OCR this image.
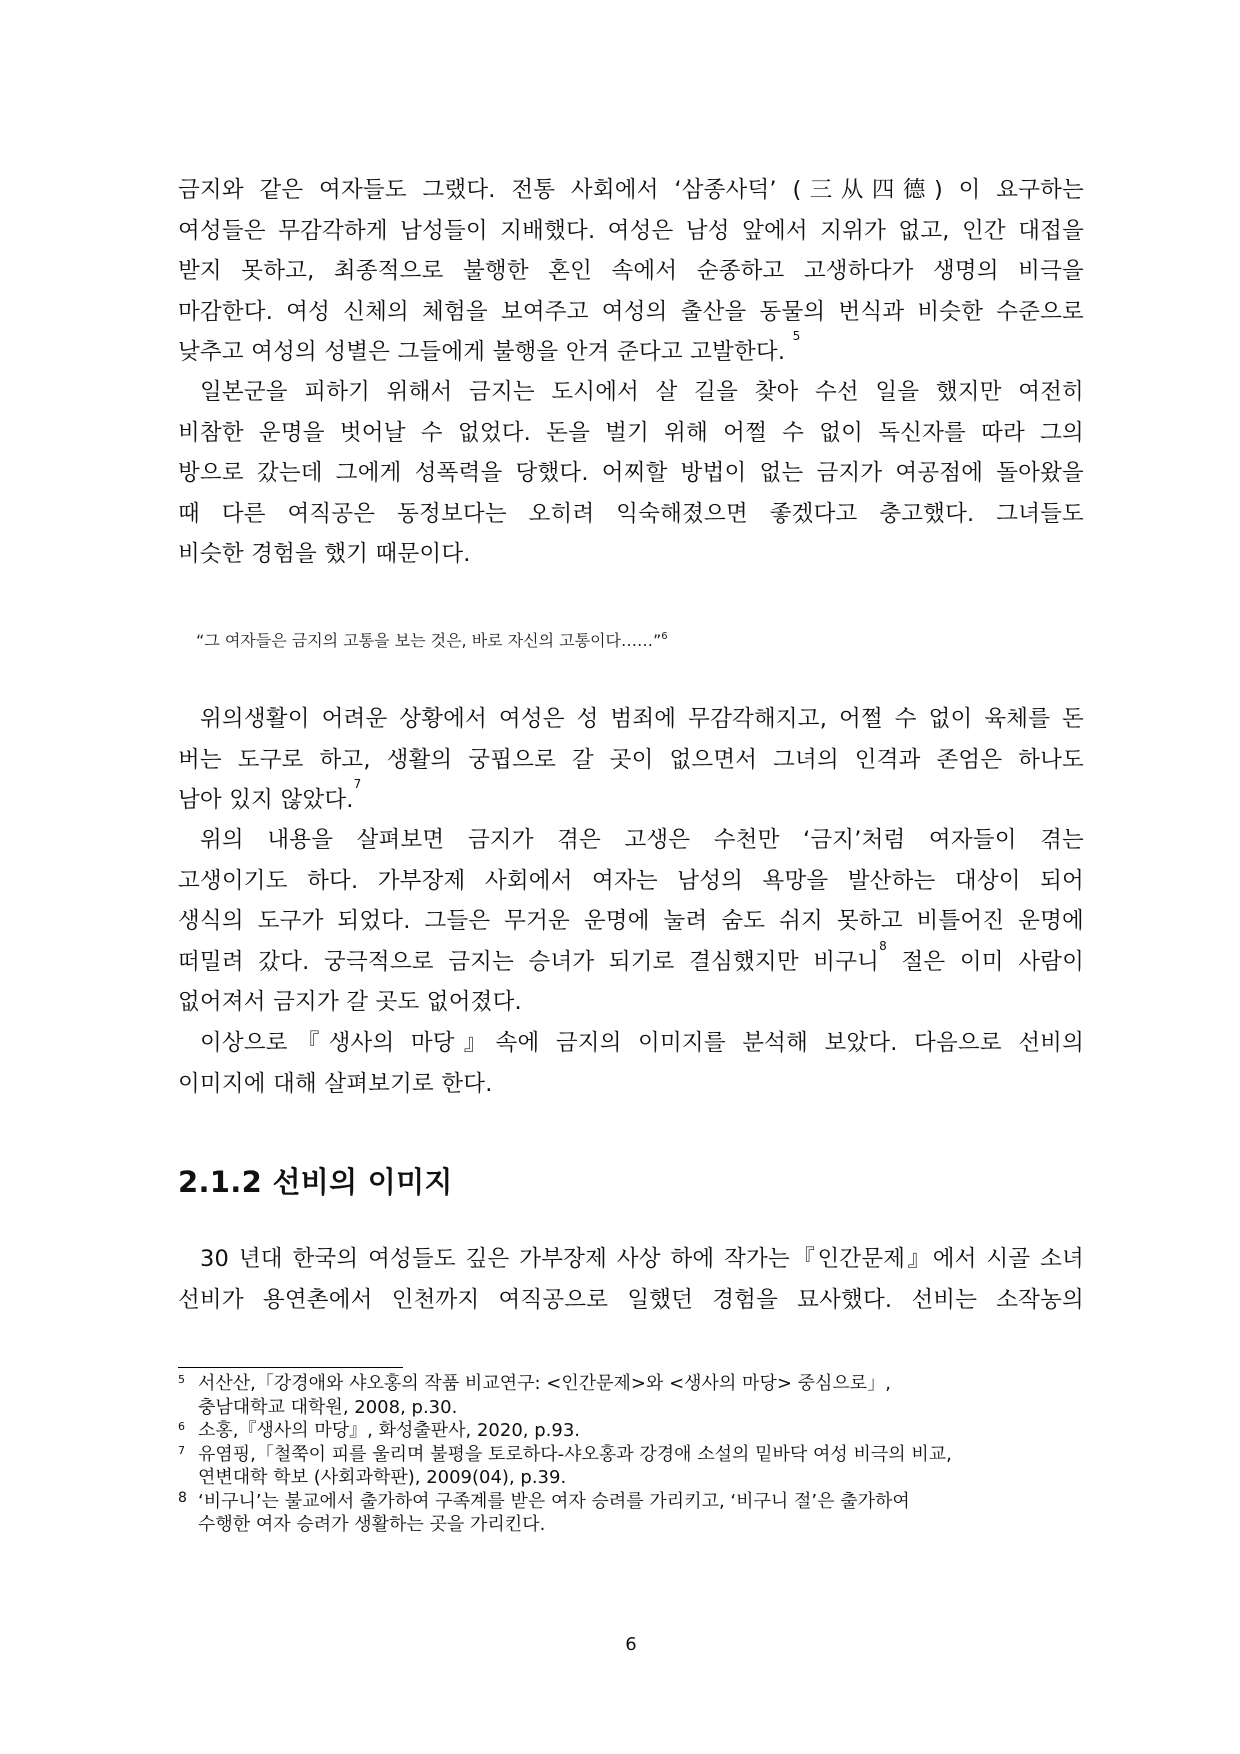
금지와 같은 여자들도 그랬다. 전통 사회에서 ‘삼종사덕’ (三从四德) 이 요구하는
여성들은 무감각하게 남성들이 지배했다. 여성은 남성 앞에서 지위가 없고, 인간 대접을
받지 못하고, 최종적으로 불행한 혼인 속에서 순종하고 고생하다가 생명의 비극을
마감한다. 여성 신체의 체험을 보여주고 여성의 출산을 동물의 번식과 비슷한 수준으로
낮추고 여성의 성별은 그들에게 불행을 안겨 준다고 고발한다. $^5$
일본군을 피하기 위해서 금지는 도시에서 살 길을 찾아 수선 일을 했지만 여전히
비참한 운명을 벗어날 수 없었다. 돈을 벌기 위해 어쩔 수 없이 독신자를 따라 그의
방으로 갔는데 그에게 성폭력을 당했다. 어찌할 방법이 없는 금지가 여공점에 돌아왔을
때 다른 여직공은 동정보다는 오히려 익숙해졌으면 좋겠다고 충고했다. 그녀들도
비슷한 경험을 했기 때문이다.
“그 여자들은 금지의 고통을 보는 것은, 바로 자신의 고통이다……”$^6$
위의생활이 어려운 상황에서 여성은 성 범죄에 무감각해지고, 어쩔 수 없이 육체를 돈
버는 도구로 하고, 생활의 궁핍으로 갈 곳이 없으면서 그녀의 인격과 존엄은 하나도
남아 있지 않았다.$^7$
위의 내용을 살펴보면 금지가 겪은 고생은 수천만 ‘금지’처럼 여자들이 겪는
고생이기도 하다. 가부장제 사회에서 여자는 남성의 욕망을 발산하는 대상이 되어
생식의 도구가 되었다. 그들은 무거운 운명에 눌려 숨도 쉬지 못하고 비틀어진 운명에
떠밀려 갔다. 궁극적으로 금지는 승녀가 되기로 결심했지만 비구니$^8$ 절은 이미 사람이
없어져서 금지가 갈 곳도 없어졌다.
이상으로『생사의 마당』속에 금지의 이미지를 분석해 보았다. 다음으로 선비의
이미지에 대해 살펴보기로 한다.
2.1.2 선비의 이미지
30 년대 한국의 여성들도 깊은 가부장제 사상 하에 작가는『인간문제』에서 시골 소녀
선비가 용연촌에서 인천까지 여직공으로 일했던 경험을 묘사했다. 선비는 소작농의
5 서산산,「강경애와 샤오홍의 작품 비교연구: <인간문제>와 <생사의 마당> 중심으로」,
충남대학교 대학원, 2008, p.30.
6 소홍,『생사의 마당』, 화성출판사, 2020, p.93.
7 유염핑,「철쭉이 피를 울리며 불평을 토로하다-샤오홍과 강경애 소설의 밑바닥 여성 비극의 비교,
연변대학 학보 (사회과학판), 2009(04), p.39.
8 ‘비구니’는 불교에서 출가하여 구족계를 받은 여자 승려를 가리키고, ‘비구니 절’은 출가하여
수행한 여자 승려가 생활하는 곳을 가리킨다.
6
